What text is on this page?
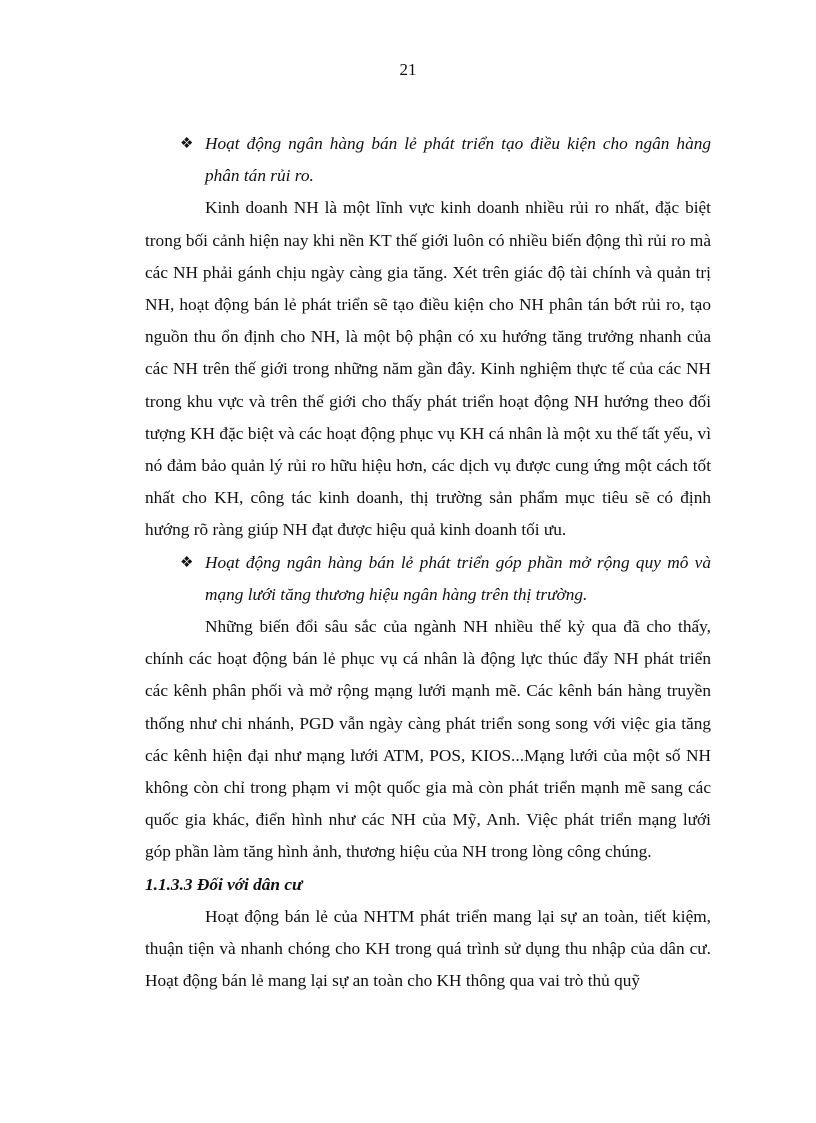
21
❖ Hoạt động ngân hàng bán lẻ phát triển tạo điều kiện cho ngân hàng phân tán rủi ro.
Kinh doanh NH là một lĩnh vực kinh doanh nhiều rủi ro nhất, đặc biệt trong bối cảnh hiện nay khi nền KT thế giới luôn có nhiều biến động thì rủi ro mà các NH phải gánh chịu ngày càng gia tăng. Xét trên giác độ tài chính và quản trị NH, hoạt động bán lẻ phát triển sẽ tạo điều kiện cho NH phân tán bớt rủi ro, tạo nguồn thu ổn định cho NH, là một bộ phận có xu hướng tăng trưởng nhanh của các NH trên thế giới trong những năm gần đây. Kinh nghiệm thực tế của các NH trong khu vực và trên thế giới cho thấy phát triển hoạt động NH hướng theo đối tượng KH đặc biệt và các hoạt động phục vụ KH cá nhân là một xu thế tất yếu, vì nó đảm bảo quản lý rủi ro hữu hiệu hơn, các dịch vụ được cung ứng một cách tốt nhất cho KH, công tác kinh doanh, thị trường sản phẩm mục tiêu sẽ có định hướng rõ ràng giúp NH đạt được hiệu quả kinh doanh tối ưu.
❖ Hoạt động ngân hàng bán lẻ phát triển góp phần mở rộng quy mô và mạng lưới tăng thương hiệu ngân hàng trên thị trường.
Những biến đổi sâu sắc của ngành NH nhiều thế kỷ qua đã cho thấy, chính các hoạt động bán lẻ phục vụ cá nhân là động lực thúc đẩy NH phát triển các kênh phân phối và mở rộng mạng lưới mạnh mẽ. Các kênh bán hàng truyền thống như chi nhánh, PGD vẫn ngày càng phát triển song song với việc gia tăng các kênh hiện đại như mạng lưới ATM, POS, KIOS...Mạng lưới của một số NH không còn chỉ trong phạm vi một quốc gia mà còn phát triển mạnh mẽ sang các quốc gia khác, điển hình như các NH của Mỹ, Anh. Việc phát triển mạng lưới góp phần làm tăng hình ảnh, thương hiệu của NH trong lòng công chúng.
1.1.3.3 Đối với dân cư
Hoạt động bán lẻ của NHTM phát triển mang lại sự an toàn, tiết kiệm, thuận tiện và nhanh chóng cho KH trong quá trình sử dụng thu nhập của dân cư. Hoạt động bán lẻ mang lại sự an toàn cho KH thông qua vai trò thủ quỹ
